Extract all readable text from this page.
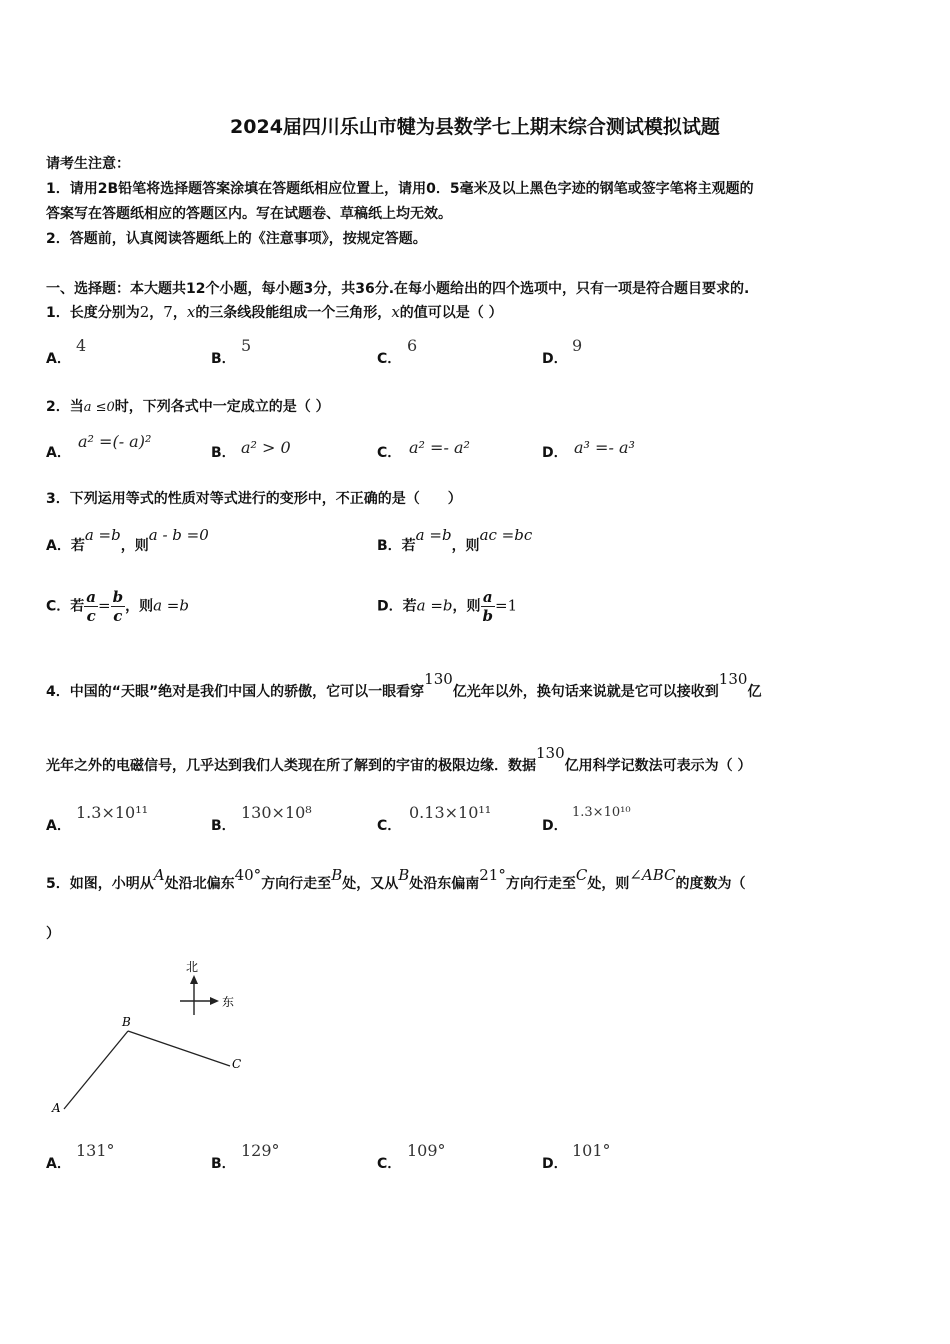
2024届四川乐山市犍为县数学七上期末综合测试模拟试题
请考生注意：
1．请用2B铅笔将选择题答案涂填在答题纸相应位置上，请用0．5毫米及以上黑色字迹的钢笔或签字笔将主观题的
答案写在答题纸相应的答题区内。写在试题卷、草稿纸上均无效。
2．答题前，认真阅读答题纸上的《注意事项》，按规定答题。
一、选择题：本大题共12个小题，每小题3分，共36分.在每小题给出的四个选项中，只有一项是符合题目要求的.
1．长度分别为2，7，x的三条线段能组成一个三角形，x的值可以是（ ）
A．
4
B．
5
C．
6
D．
9
2．当a ≤0时，下列各式中一定成立的是（ ）
A．
a² =(- a)²
B． a² > 0	C． a² =- a²	D． a³ =- a³
3．下列运用等式的性质对等式进行的变形中，不正确的是（　　）
A．若a =b，则a - b =0
B．若a =b，则ac =bc
C．若 $\frac{a}{c} = \frac{b}{c}$ ，则a =b	D．若a =b，则 $\frac{a}{b} =1$
4．中国的“天眼”绝对是我们中国人的骄傲，它可以一眼看穿130亿光年以外，换句话来说就是它可以接收到130亿
光年之外的电磁信号，几乎达到我们人类现在所了解到的宇宙的极限边缘．数据130亿用科学记数法可表示为（ ）
A．
1.3×10¹¹
B．
130×10⁸
C．
0.13×10¹¹
D．
1.3×10¹⁰
5．如图，小明从A处沿北偏东40°方向行走至B处，又从B处沿东偏南21°方向行走至C处，则∠ABC的度数为（
）
北
东
A
B
C
A．
131°
B．
129°
C．
109°
D．
101°
